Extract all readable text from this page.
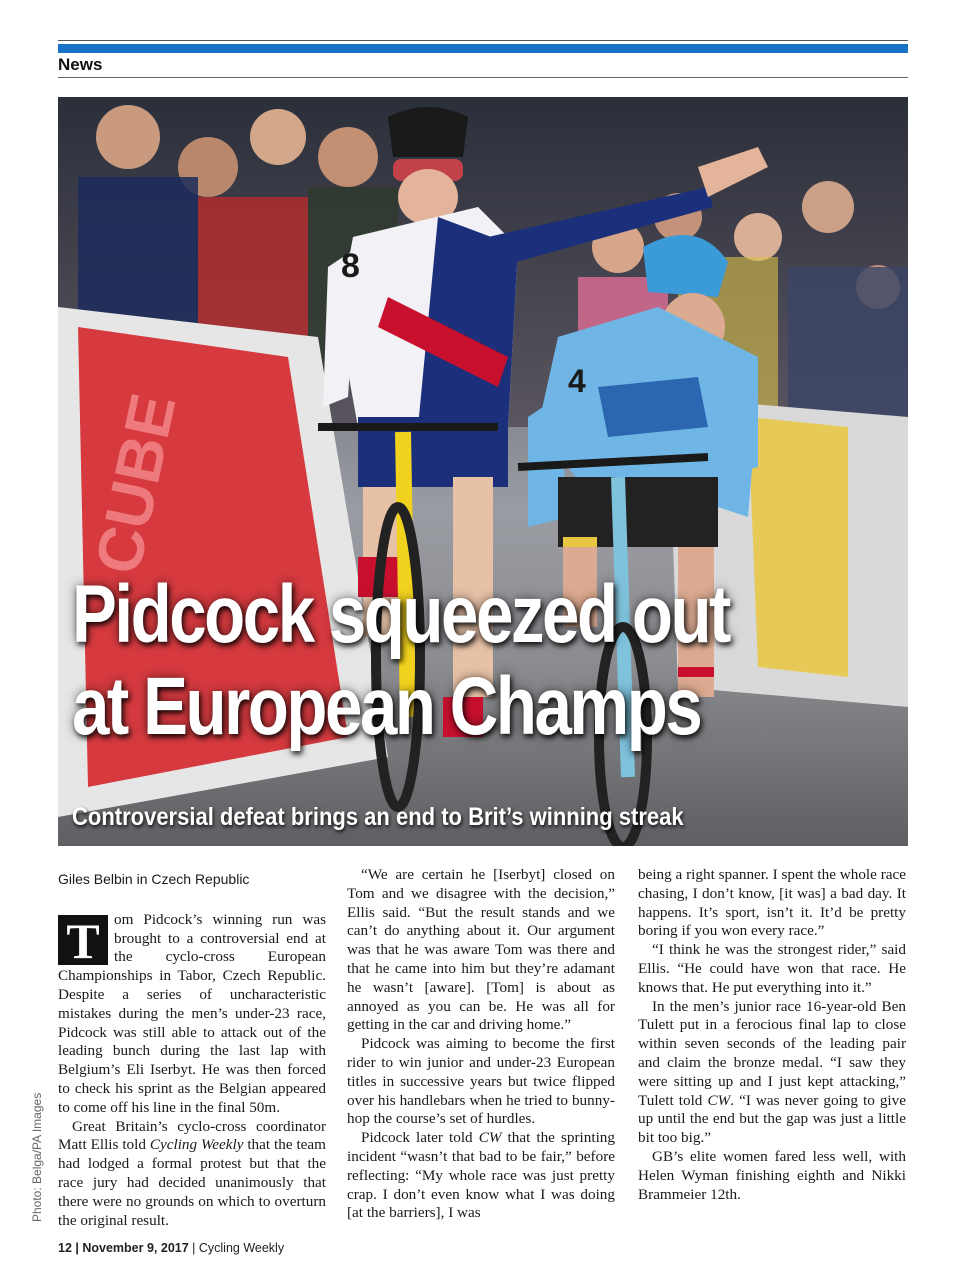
News
CUBE
8
4
Pidcock squeezed out
at European Champs
Controversial defeat brings an end to Brit’s winning streak
Photo: Belga/PA Images
Giles Belbin in Czech Republic
T om Pidcock’s winning run was brought to a controversial end at the cyclo-cross European Championships in Tabor, Czech Republic. Despite a series of uncharacteristic mistakes during the men’s under-23 race, Pidcock was still able to attack out of the leading bunch during the last lap with Belgium’s Eli Iserbyt. He was then forced to check his sprint as the Belgian appeared to come off his line in the final 50m.

Great Britain’s cyclo-cross coordinator Matt Ellis told Cycling Weekly that the team had lodged a formal protest but that the race jury had decided unanimously that there were no grounds on which to overturn the original result.

“We are certain he [Iserbyt] closed on Tom and we disagree with the decision,” Ellis said. “But the result stands and we can’t do anything about it. Our argument was that he was aware Tom was there and that he came into him but they’re adamant he wasn’t [aware]. [Tom] is about as annoyed as you can be. He was all for getting in the car and driving home.”

Pidcock was aiming to become the first rider to win junior and under-23 European titles in successive years but twice flipped over his handlebars when he tried to bunny-hop the course’s set of hurdles.

Pidcock later told CW that the sprinting incident “wasn’t that bad to be fair,” before reflecting: “My whole race was just pretty crap. I don’t even know what I was doing [at the barriers], I was

being a right spanner. I spent the whole race chasing, I don’t know, [it was] a bad day. It happens. It’s sport, isn’t it. It’d be pretty boring if you won every race.”

“I think he was the strongest rider,” said Ellis. “He could have won that race. He knows that. He put everything into it.”

In the men’s junior race 16-year-old Ben Tulett put in a ferocious final lap to close within seven seconds of the leading pair and claim the bronze medal. “I saw they were sitting up and I just kept attacking,” Tulett told CW. “I was never going to give up until the end but the gap was just a little bit too big.”

GB’s elite women fared less well, with Helen Wyman finishing eighth and Nikki Brammeier 12th.

12 | November 9, 2017 | Cycling Weekly
